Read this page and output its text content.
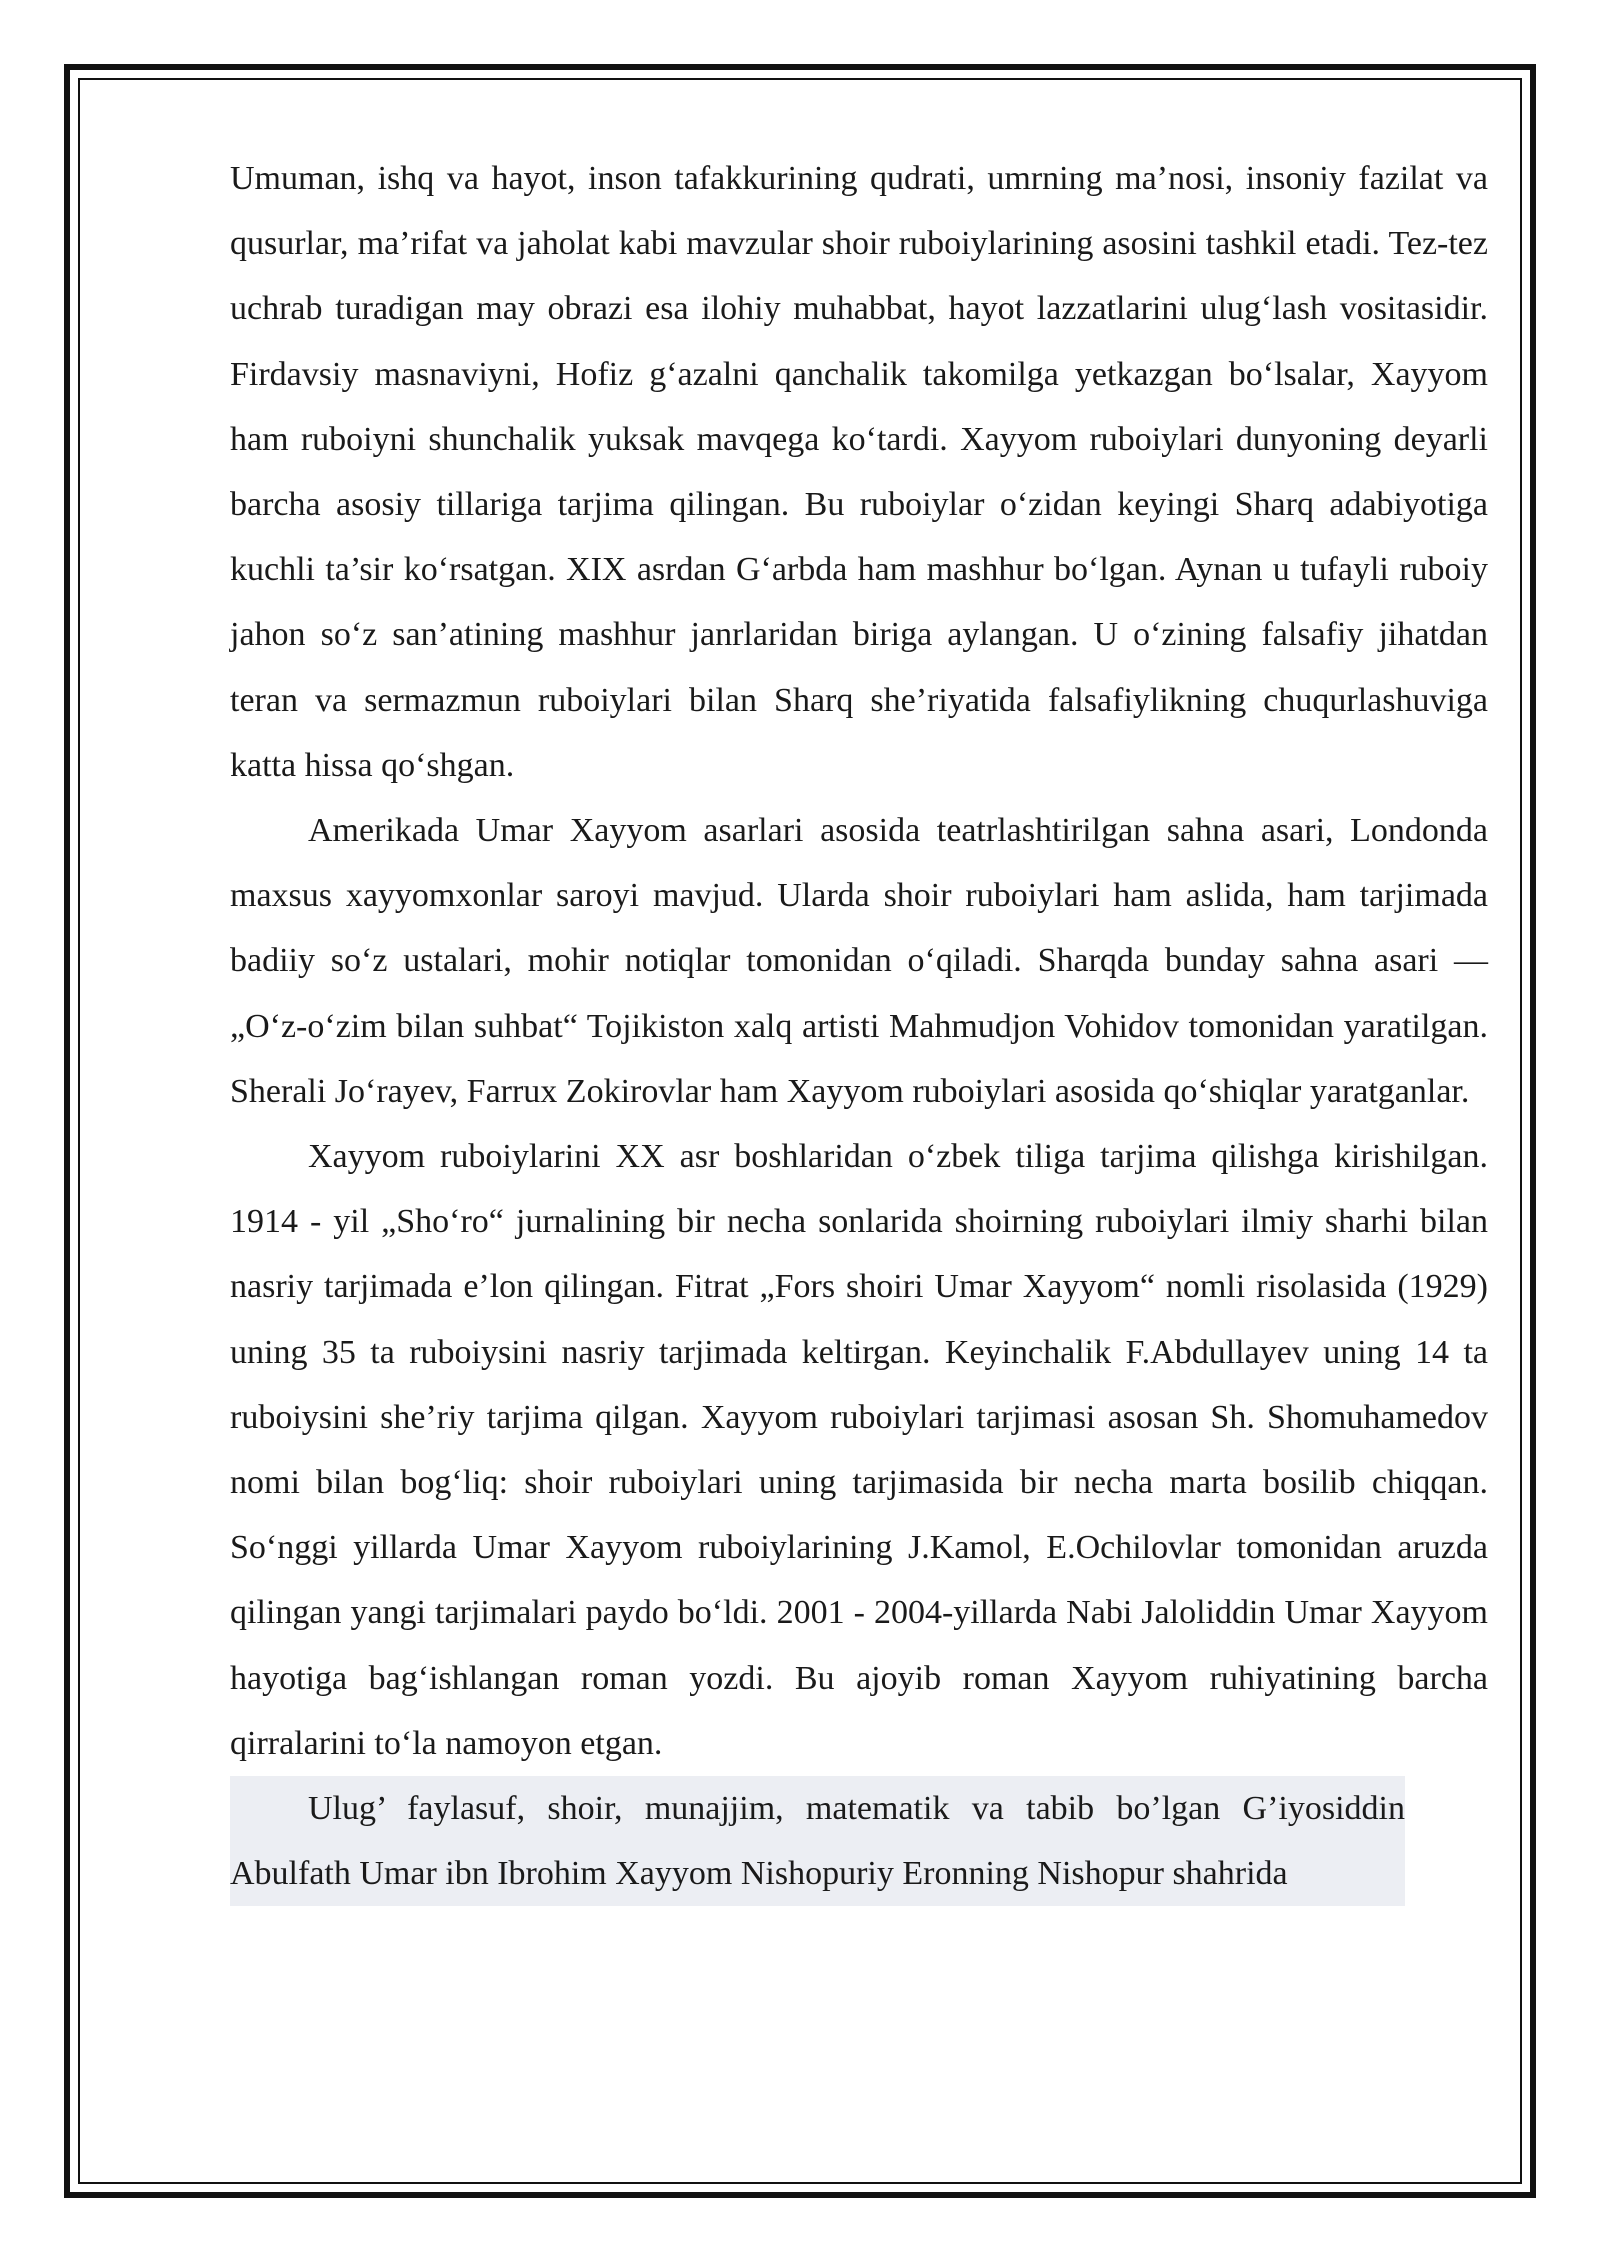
Umuman, ishq va hayot, inson tafakkurining qudrati, umrning ma’nosi, insoniy fazilat va qusurlar, ma’rifat va jaholat kabi mavzular shoir ruboiylarining asosini tashkil etadi. Tez-tez uchrab turadigan may obrazi esa ilohiy muhabbat, hayot lazzatlarini ulug‘lash vositasidir. Firdavsiy masnaviyni, Hofiz g‘azalni qanchalik takomilga yetkazgan bo‘lsalar, Xayyom ham ruboiyni shunchalik yuksak mavqega ko‘tardi. Xayyom ruboiylari dunyoning deyarli barcha asosiy tillariga tarjima qilingan. Bu ruboiylar o‘zidan keyingi Sharq adabiyotiga kuchli ta’sir ko‘rsatgan. XIX asrdan G‘arbda ham mashhur bo‘lgan. Aynan u tufayli ruboiy jahon so‘z san’atining mashhur janrlaridan biriga aylangan. U o‘zining falsafiy jihatdan teran va sermazmun ruboiylari bilan Sharq she’riyatida falsafiylikning chuqurlashuviga katta hissa qo‘shgan.

Amerikada Umar Xayyom asarlari asosida teatrlashtirilgan sahna asari, Londonda maxsus xayyomxonlar saroyi mavjud. Ularda shoir ruboiylari ham aslida, ham tarjimada badiiy so‘z ustalari, mohir notiqlar tomonidan o‘qiladi. Sharqda bunday sahna asari — „O‘z-o‘zim bilan suhbat“ Tojikiston xalq artisti Mahmudjon Vohidov tomonidan yaratilgan. Sherali Jo‘rayev, Farrux Zokirovlar ham Xayyom ruboiylari asosida qo‘shiqlar yaratganlar.

Xayyom ruboiylarini XX asr boshlaridan o‘zbek tiliga tarjima qilishga kirishilgan. 1914 - yil „Sho‘ro“ jurnalining bir necha sonlarida shoirning ruboiylari ilmiy sharhi bilan nasriy tarjimada e’lon qilingan. Fitrat „Fors shoiri Umar Xayyom“ nomli risolasida (1929) uning 35 ta ruboiysini nasriy tarjimada keltirgan. Keyinchalik F.Abdullayev uning 14 ta ruboiysini she’riy tarjima qilgan. Xayyom ruboiylari tarjimasi asosan Sh. Shomuhamedov nomi bilan bog‘liq: shoir ruboiylari uning tarjimasida bir necha marta bosilib chiqqan. So‘nggi yillarda Umar Xayyom ruboiylarining J.Kamol, E.Ochilovlar tomonidan aruzda qilingan yangi tarjimalari paydo bo‘ldi. 2001 - 2004-yillarda Nabi Jaloliddin Umar Xayyom hayotiga bag‘ishlangan roman yozdi. Bu ajoyib roman Xayyom ruhiyatining barcha qirralarini to‘la namoyon etgan.

Ulug’ faylasuf, shoir, munajjim, matematik va tabib bo’lgan G’iyosiddin Abulfath Umar ibn Ibrohim Xayyom Nishopuriy Eronning Nishopur shahrida
